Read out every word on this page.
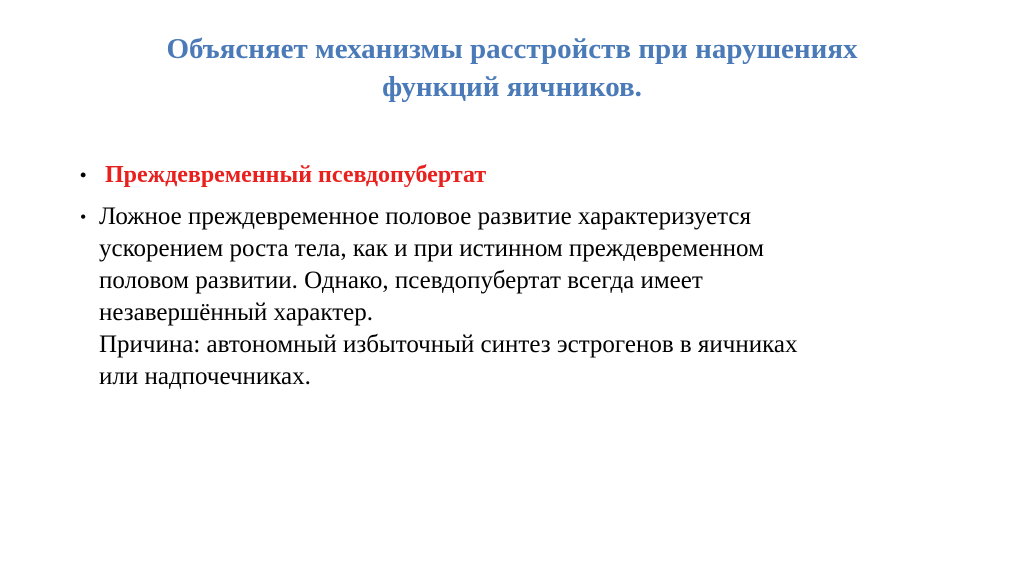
Объясняет механизмы расстройств при нарушениях
функций яичников.
• Преждевременный псевдопубертат
• Ложное преждевременное половое развитие характеризуется
ускорением роста тела, как и при истинном преждевременном
половом развитии. Однако, псевдопубертат всегда имеет
незавершённый характер.
Причина: автономный избыточный синтез эстрогенов в яичниках
или надпочечниках.
